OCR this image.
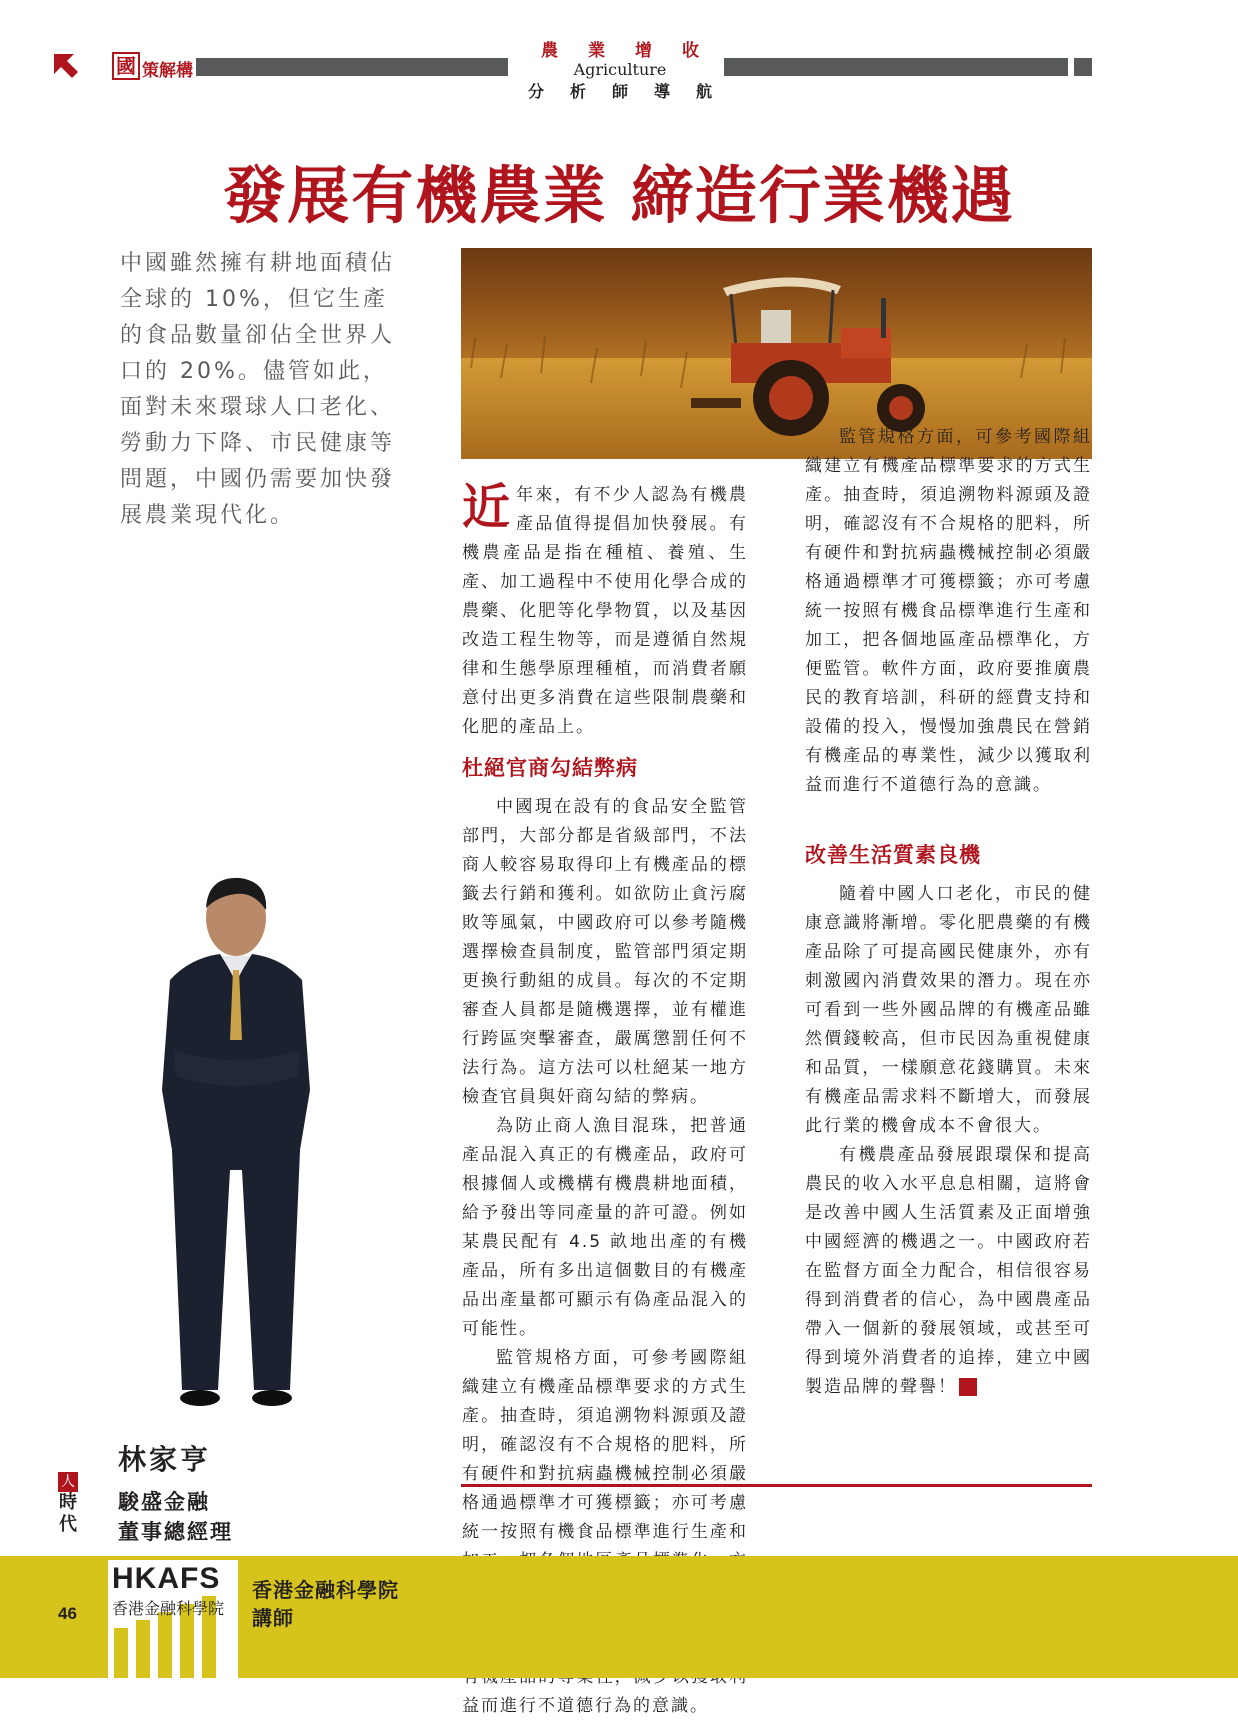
國 策解構
農業增收
Agriculture
分析師導航
發展有機農業 締造行業機遇
中國雖然擁有耕地面積佔全球的 10%，但它生產的食品數量卻佔全世界人口的 20%。儘管如此，面對未來環球人口老化、勞動力下降、市民健康等問題，中國仍需要加快發展農業現代化。	近年來，有不少人認為有機農產品值得提倡加快發展。有機農產品是指在種植、養殖、生產、加工過程中不使用化學合成的農藥、化肥等化學物質，以及基因改造工程生物等，而是遵循自然規律和生態學原理種植，而消費者願意付出更多消費在這些限制農藥和化肥的產品上。

杜絕官商勾結弊病

中國現在設有的食品安全監管部門，大部分都是省級部門，不法商人較容易取得印上有機產品的標籤去行銷和獲利。如欲防止貪污腐敗等風氣，中國政府可以參考隨機選擇檢查員制度，監管部門須定期更換行動組的成員。每次的不定期審查人員都是隨機選擇，並有權進行跨區突擊審查，嚴厲懲罰任何不法行為。這方法可以杜絕某一地方檢查官員與奸商勾結的弊病。

為防止商人漁目混珠，把普通產品混入真正的有機產品，政府可根據個人或機構有機農耕地面積，給予發出等同產量的許可證。例如某農民配有 4.5 畝地出產的有機產品，所有多出這個數目的有機產品出產量都可顯示有偽產品混入的可能性。

監管規格方面，可參考國際組織建立有機產品標準要求的方式生產。抽查時，須追溯物料源頭及證明，確認沒有不合規格的肥料，所有硬件和對抗病蟲機械控制必須嚴格通過標準才可獲標籤；亦可考慮統一按照有機食品標準進行生產和 益而進行不道德行為的意識。

監管規格方面，可參考國際組織建立有機產品標準要求的方式生產。抽查時，須追溯物料源頭及證明，確認沒有不合規格的肥料，所有硬件和對抗病蟲機械控制必須嚴格通過標準才可獲標籤；亦可考慮統一按照有機食品標準進行生產和加工，把各個地區產品標準化，方便監管。軟件方面，政府要推廣農民的教育培訓，科研的經費支持和設備的投入，慢慢加強農民在營銷有機產品的專業性，減少以獲取利益而進行不道德行為的意識。

改善生活質素良機

隨着中國人口老化，市民的健康意識將漸增。零化肥農藥的有機產品除了可提高國民健康外，亦有刺激國內消費效果的潛力。現在亦可看到一些外國品牌的有機產品雖然價錢較高，但市民因為重視健康和品質，一樣願意花錢購買。未來有機產品需求料不斷增大，而發展此行業的機會成本不會很大。

有機農產品發展跟環保和提高農民的收入水平息息相關，這將會是改善中國人生活質素及正面增強中國經濟的機遇之一。中國政府若在監督方面全力配合，相信很容易得到消費者的信心，為中國農產品帶入一個新的發展領域，或甚至可得到境外消費者的追捧，建立中國製造品牌的聲譽！	人

林家亨
駿盛金融
董事總經理
人
時
代
HKAFS
香港金融科學院
香港金融科學院
講師
46
